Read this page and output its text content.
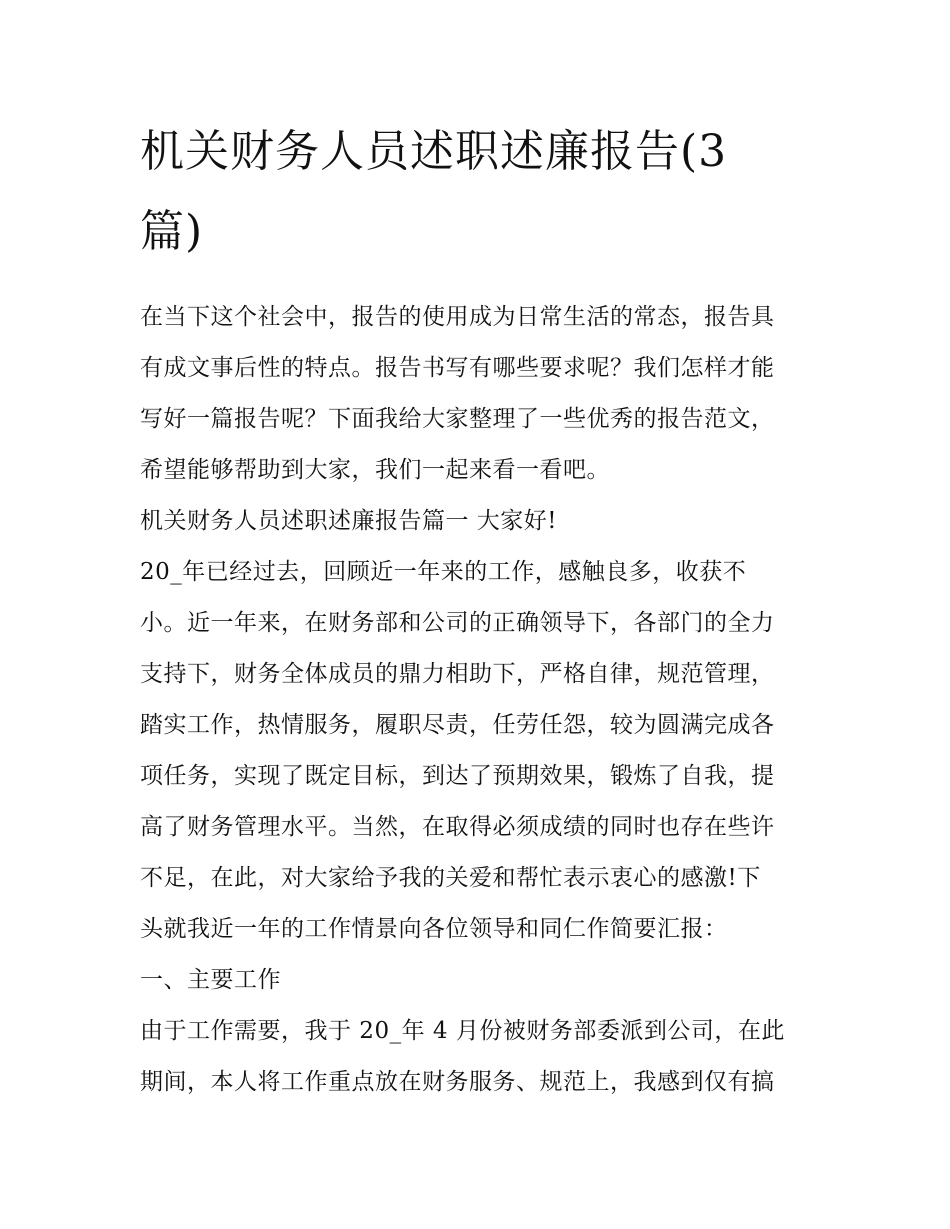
机关财务人员述职述廉报告(3
篇)
在当下这个社会中，报告的使用成为日常生活的常态，报告具
有成文事后性的特点。报告书写有哪些要求呢？我们怎样才能
写好一篇报告呢？下面我给大家整理了一些优秀的报告范文，
希望能够帮助到大家，我们一起来看一看吧。
机关财务人员述职述廉报告篇一 大家好!
20_年已经过去，回顾近一年来的工作，感触良多，收获不
小。近一年来，在财务部和公司的正确领导下，各部门的全力
支持下，财务全体成员的鼎力相助下，严格自律，规范管理，
踏实工作，热情服务，履职尽责，任劳任怨，较为圆满完成各
项任务，实现了既定目标，到达了预期效果，锻炼了自我，提
高了财务管理水平。当然，在取得必须成绩的同时也存在些许
不足，在此，对大家给予我的关爱和帮忙表示衷心的感激!下
头就我近一年的工作情景向各位领导和同仁作简要汇报：
一、主要工作
由于工作需要，我于 20_年 4 月份被财务部委派到公司，在此
期间，本人将工作重点放在财务服务、规范上，我感到仅有搞
